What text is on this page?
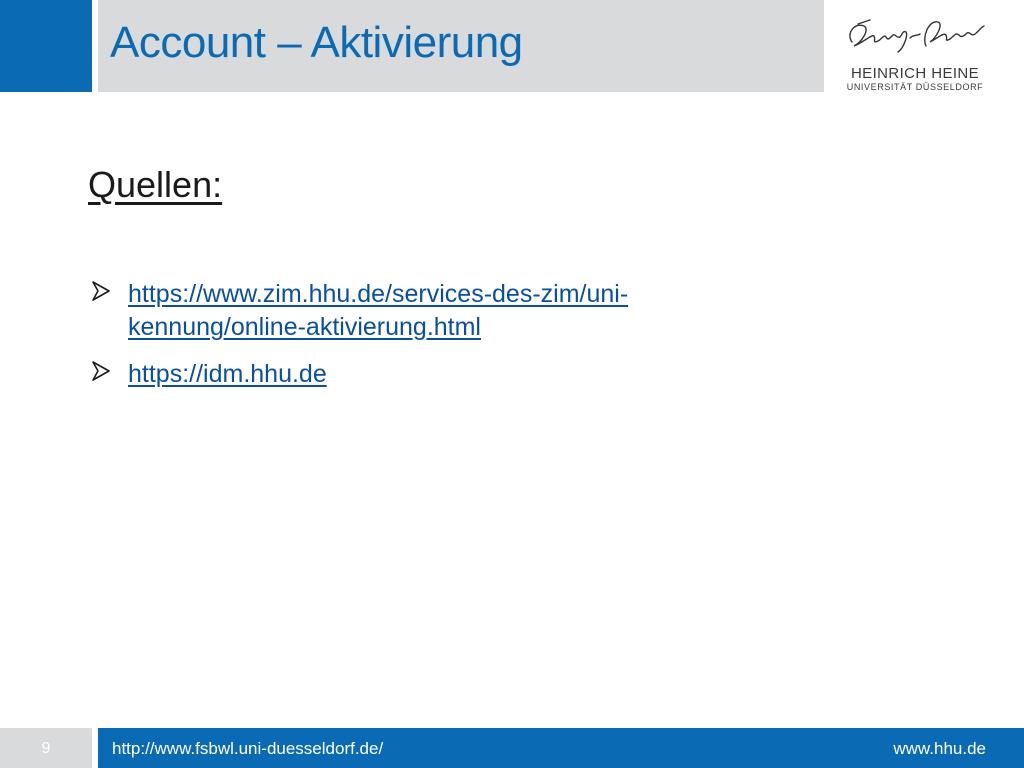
Account – Aktivierung
HEINRICH HEINE
UNIVERSITÄT DÜSSELDORF
Quellen:
https://www.zim.hhu.de/services-des-zim/uni-
kennung/online-aktivierung.html
https://idm.hhu.de
9	http://www.fsbwl.uni-duesseldorf.de/	www.hhu.de
